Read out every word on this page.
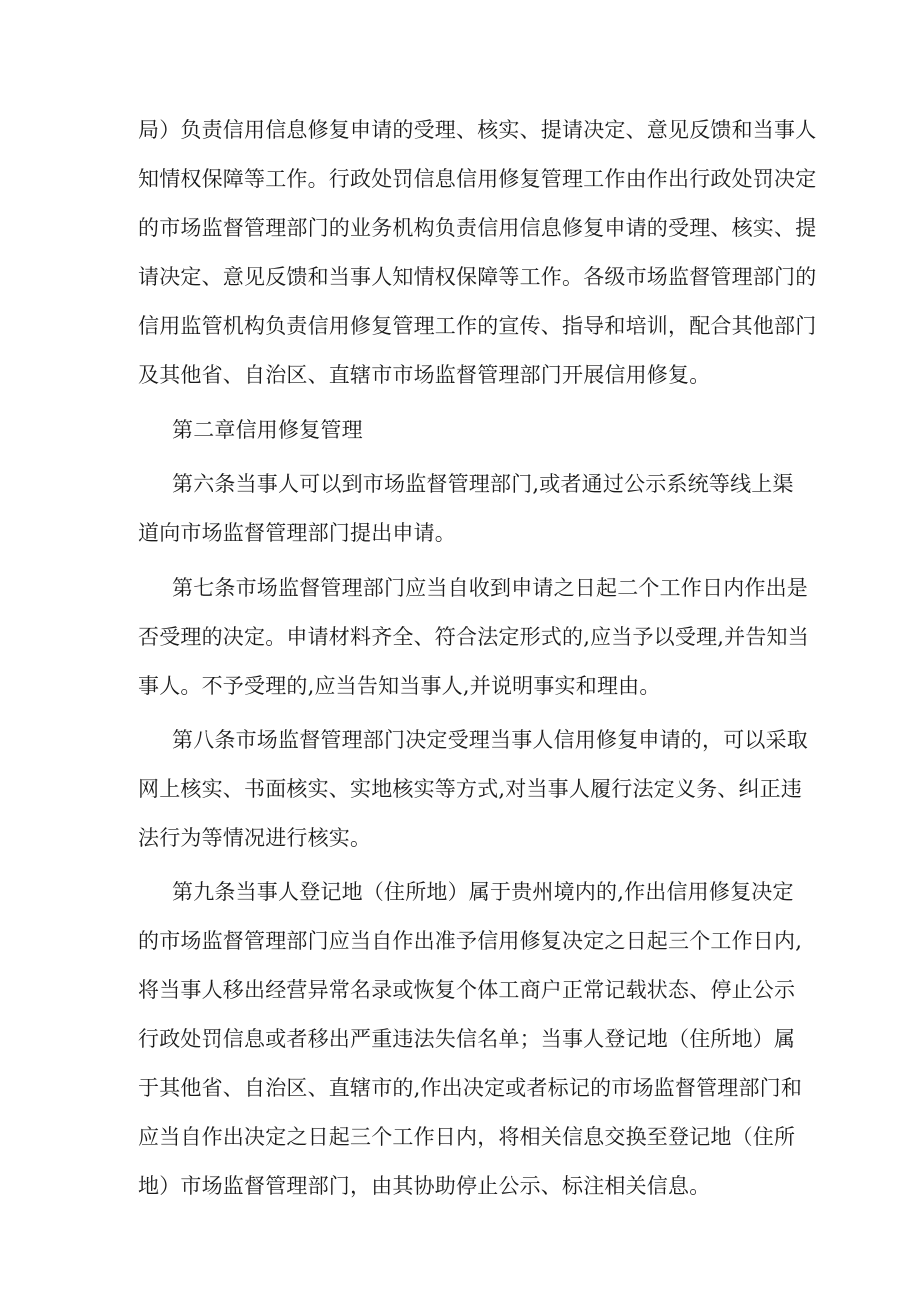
局）负责信用信息修复申请的受理、核实、提请决定、意见反馈和当事人
知情权保障等工作。行政处罚信息信用修复管理工作由作出行政处罚决定
的市场监督管理部门的业务机构负责信用信息修复申请的受理、核实、提
请决定、意见反馈和当事人知情权保障等工作。各级市场监督管理部门的
信用监管机构负责信用修复管理工作的宣传、指导和培训，配合其他部门
及其他省、自治区、直辖市市场监督管理部门开展信用修复。
第二章信用修复管理
第六条当事人可以到市场监督管理部门,或者通过公示系统等线上渠
道向市场监督管理部门提出申请。
第七条市场监督管理部门应当自收到申请之日起二个工作日内作出是
否受理的决定。申请材料齐全、符合法定形式的,应当予以受理,并告知当
事人。不予受理的,应当告知当事人,并说明事实和理由。
第八条市场监督管理部门决定受理当事人信用修复申请的，可以采取
网上核实、书面核实、实地核实等方式,对当事人履行法定义务、纠正违
法行为等情况进行核实。
第九条当事人登记地（住所地）属于贵州境内的,作出信用修复决定
的市场监督管理部门应当自作出准予信用修复决定之日起三个工作日内,
将当事人移出经营异常名录或恢复个体工商户正常记载状态、停止公示
行政处罚信息或者移出严重违法失信名单；当事人登记地（住所地）属
于其他省、自治区、直辖市的,作出决定或者标记的市场监督管理部门和
应当自作出决定之日起三个工作日内，将相关信息交换至登记地（住所
地）市场监督管理部门，由其协助停止公示、标注相关信息。
